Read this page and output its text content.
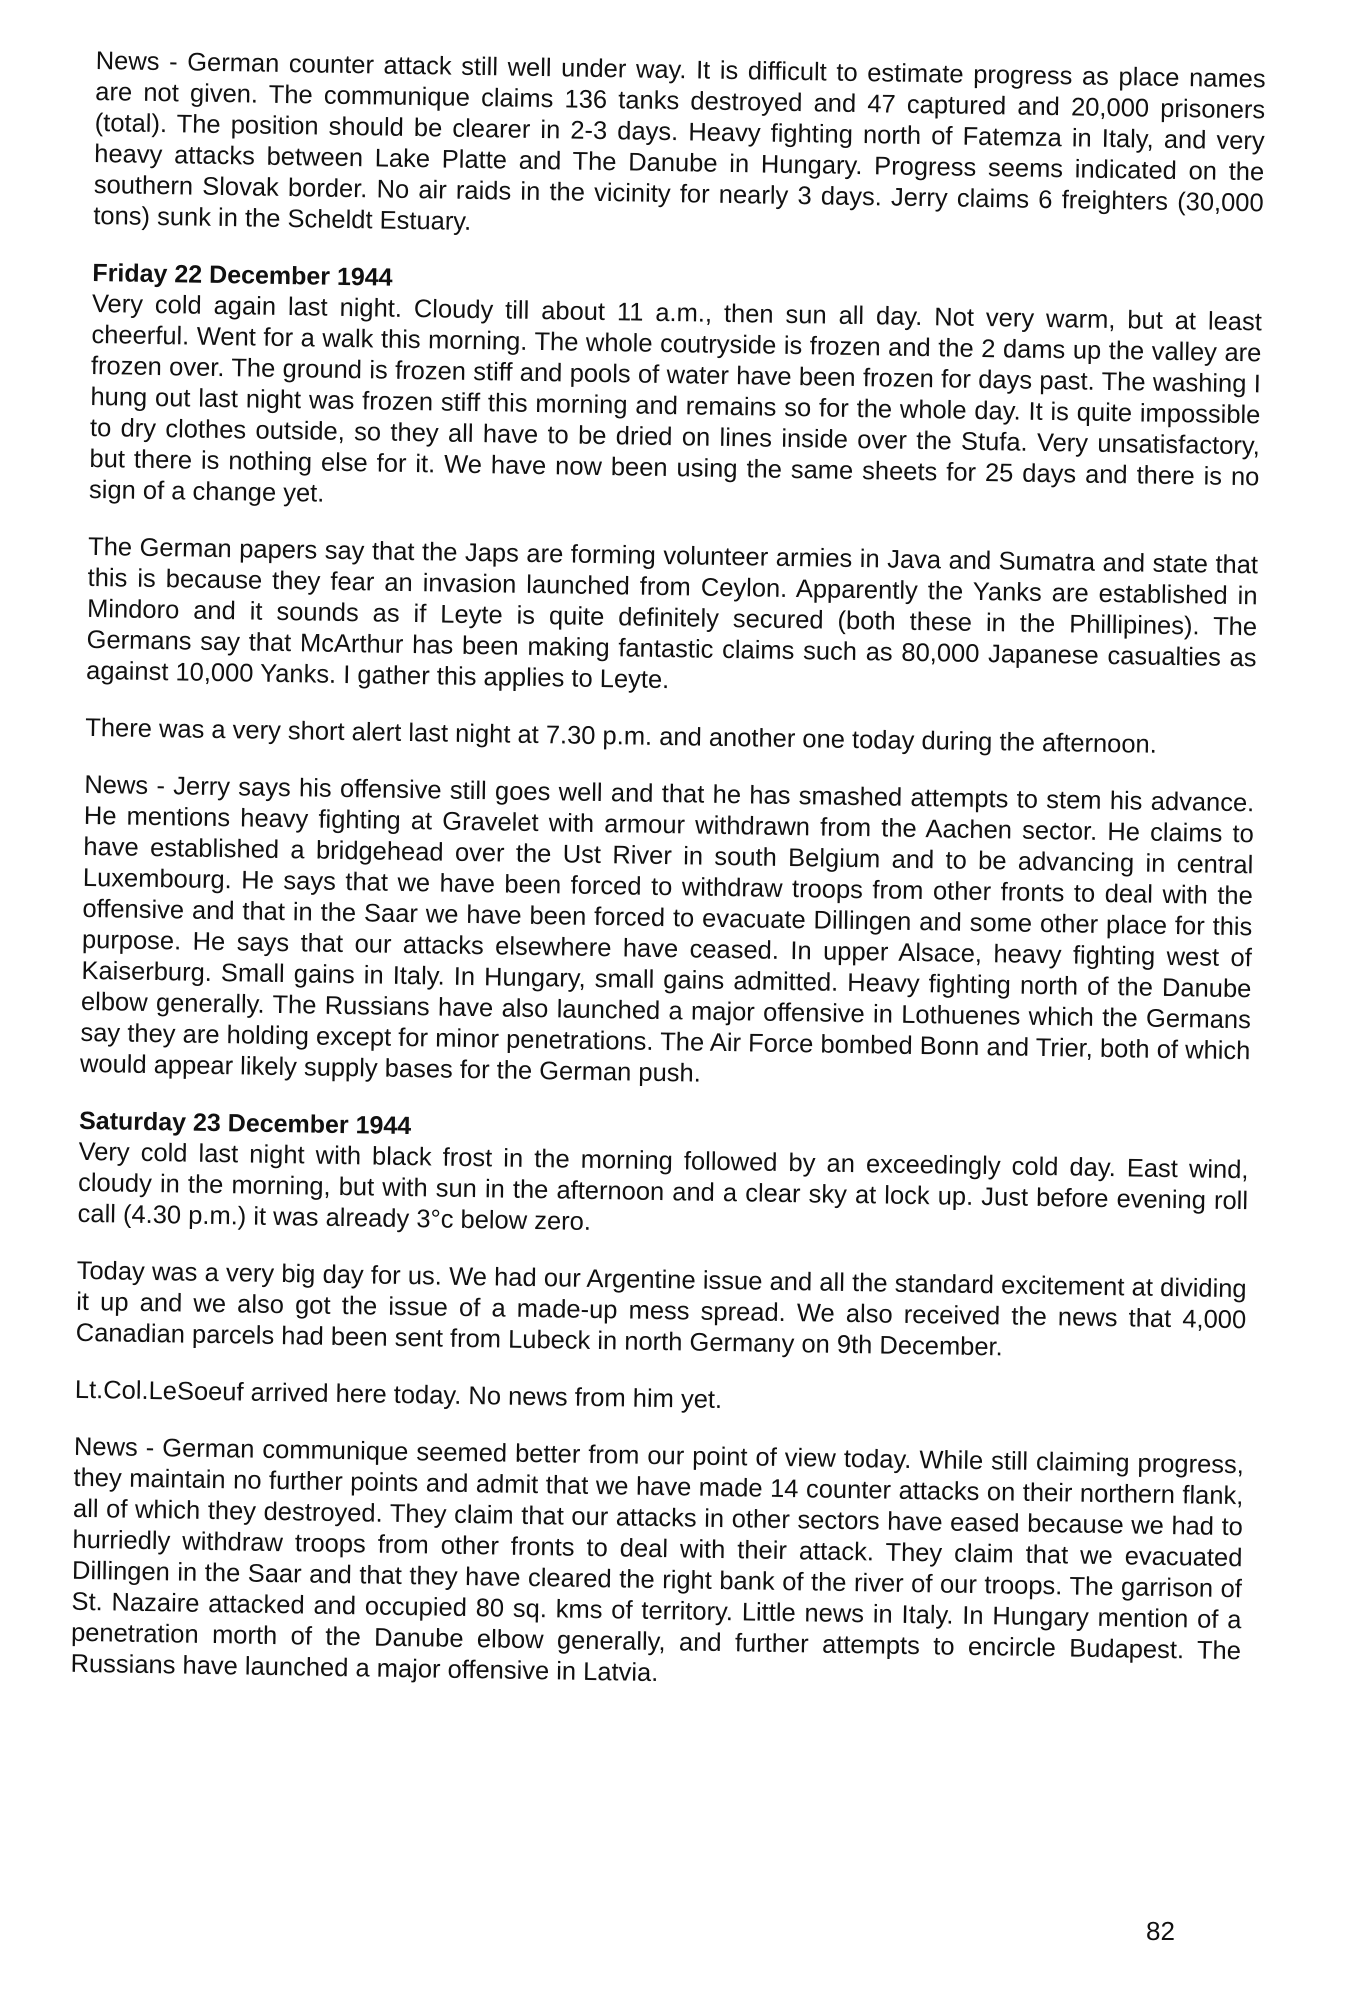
News - German counter attack still well under way. It is difficult to estimate progress as place names are not given. The communique claims 136 tanks destroyed and 47 captured and 20,000 prisoners (total). The position should be clearer in 2-3 days. Heavy fighting north of Fatemza in Italy, and very heavy attacks between Lake Platte and The Danube in Hungary. Progress seems indicated on the southern Slovak border. No air raids in the vicinity for nearly 3 days. Jerry claims 6 freighters (30,000 tons) sunk in the Scheldt Estuary.

Friday 22 December 1944

Very cold again last night. Cloudy till about 11 a.m., then sun all day. Not very warm, but at least cheerful. Went for a walk this morning. The whole coutryside is frozen and the 2 dams up the valley are frozen over. The ground is frozen stiff and pools of water have been frozen for days past. The washing I hung out last night was frozen stiff this morning and remains so for the whole day. It is quite impossible to dry clothes outside, so they all have to be dried on lines inside over the Stufa. Very unsatisfactory, but there is nothing else for it. We have now been using the same sheets for 25 days and there is no sign of a change yet.

The German papers say that the Japs are forming volunteer armies in Java and Sumatra and state that this is because they fear an invasion launched from Ceylon. Apparently the Yanks are established in Mindoro and it sounds as if Leyte is quite definitely secured (both these in the Phillipines). The Germans say that McArthur has been making fantastic claims such as 80,000 Japanese casualties as against 10,000 Yanks. I gather this applies to Leyte.

There was a very short alert last night at 7.30 p.m. and another one today during the afternoon.

News - Jerry says his offensive still goes well and that he has smashed attempts to stem his advance. He mentions heavy fighting at Gravelet with armour withdrawn from the Aachen sector. He claims to have established a bridgehead over the Ust River in south Belgium and to be advancing in central Luxembourg. He says that we have been forced to withdraw troops from other fronts to deal with the offensive and that in the Saar we have been forced to evacuate Dillingen and some other place for this purpose. He says that our attacks elsewhere have ceased. In upper Alsace, heavy fighting west of Kaiserburg. Small gains in Italy. In Hungary, small gains admitted. Heavy fighting north of the Danube elbow generally. The Russians have also launched a major offensive in Lothuenes which the Germans say they are holding except for minor penetrations. The Air Force bombed Bonn and Trier, both of which would appear likely supply bases for the German push.

Saturday 23 December 1944

Very cold last night with black frost in the morning followed by an exceedingly cold day. East wind, cloudy in the morning, but with sun in the afternoon and a clear sky at lock up. Just before evening roll call (4.30 p.m.) it was already 3°c below zero.

Today was a very big day for us. We had our Argentine issue and all the standard excitement at dividing it up and we also got the issue of a made-up mess spread. We also received the news that 4,000 Canadian parcels had been sent from Lubeck in north Germany on 9th December.

Lt.Col.LeSoeuf arrived here today. No news from him yet.

News - German communique seemed better from our point of view today. While still claiming progress, they maintain no further points and admit that we have made 14 counter attacks on their northern flank, all of which they destroyed. They claim that our attacks in other sectors have eased because we had to hurriedly withdraw troops from other fronts to deal with their attack. They claim that we evacuated Dillingen in the Saar and that they have cleared the right bank of the river of our troops. The garrison of St. Nazaire attacked and occupied 80 sq. kms of territory. Little news in Italy. In Hungary mention of a penetration morth of the Danube elbow generally, and further attempts to encircle Budapest. The Russians have launched a major offensive in Latvia.

82
